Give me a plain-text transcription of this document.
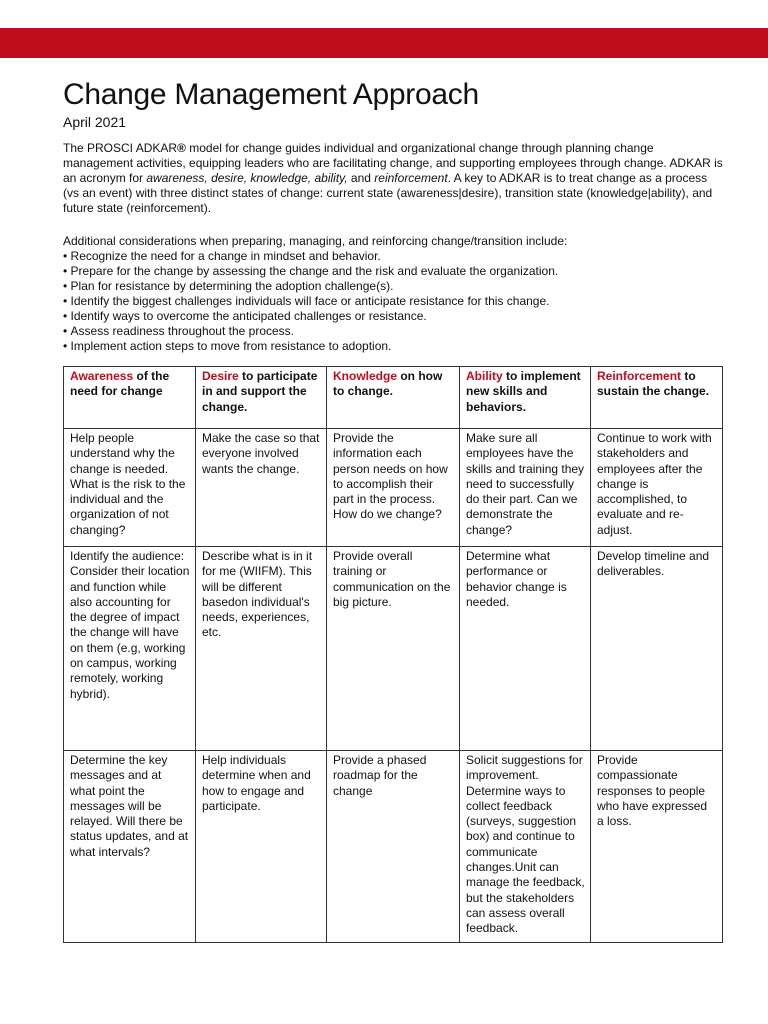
Change Management Approach
April 2021
The PROSCI ADKAR® model for change guides individual and organizational change through planning change management activities, equipping leaders who are facilitating change, and supporting employees through change. ADKAR is an acronym for awareness, desire, knowledge, ability, and reinforcement. A key to ADKAR is to treat change as a process (vs an event) with three distinct states of change: current state (awareness|desire), transition state (knowledge|ability), and future state (reinforcement).
Additional considerations when preparing, managing, and reinforcing change/transition include:
• Recognize the need for a change in mindset and behavior.
• Prepare for the change by assessing the change and the risk and evaluate the organization.
• Plan for resistance by determining the adoption challenge(s).
• Identify the biggest challenges individuals will face or anticipate resistance for this change.
• Identify ways to overcome the anticipated challenges or resistance.
• Assess readiness throughout the process.
• Implement action steps to move from resistance to adoption.
Awareness of the need for change	Desire to participate in and support the change.	Knowledge on how to change.	Ability to implement new skills and behaviors.	Reinforcement to sustain the change.
Help people understand why the change is needed. What is the risk to the individual and the organization of not changing?	Make the case so that everyone involved wants the change.	Provide the information each person needs on how to accomplish their part in the process. How do we change?	Make sure all employees have the skills and training they need to successfully do their part. Can we demonstrate the change?	Continue to work with stakeholders and employees after the change is accomplished, to evaluate and re-adjust.
Identify the audience: Consider their location and function while also accounting for the degree of impact the change will have on them (e.g, working on campus, working remotely, working hybrid).	Describe what is in it for me (WIIFM). This will be different basedon individual's needs, experiences, etc.	Provide overall training or communication on the big picture.	Determine what performance or behavior change is needed.	Develop timeline and deliverables.
Determine the key messages and at what point the messages will be relayed. Will there be status updates, and at what intervals?	Help individuals determine when and how to engage and participate.	Provide a phased roadmap for the change	Solicit suggestions for improvement. Determine ways to collect feedback (surveys, suggestion box) and continue to communicate changes.Unit can manage the feedback, but the stakeholders can assess overall feedback.	Provide compassionate responses to people who have expressed a loss.
